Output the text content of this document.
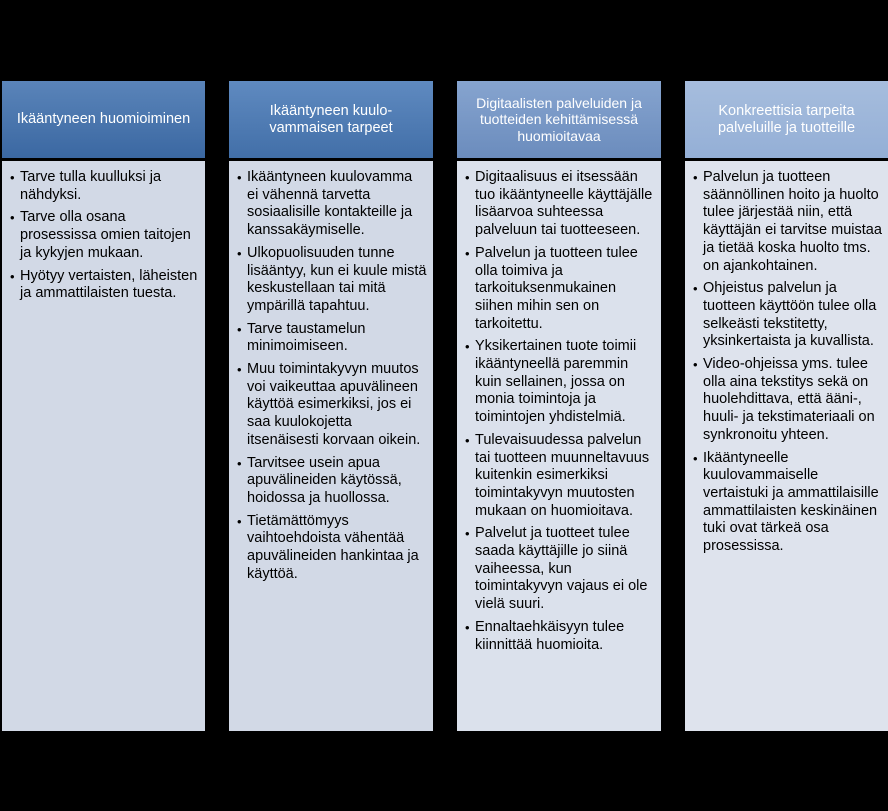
Ikääntyneen huomioiminen
• Tarve tulla kuulluksi ja nähdyksi.
• Tarve olla osana prosessissa omien taitojen ja kykyjen mukaan.
• Hyötyy vertaisten, läheisten ja ammattilaisten tuesta.
Ikääntyneen kuulo-vammaisen tarpeet
• Ikääntyneen kuulovamma ei vähennä tarvetta sosiaalisille kontakteille ja kanssakäymiselle.
• Ulkopuolisuuden tunne lisääntyy, kun ei kuule mistä keskustellaan tai mitä ympärillä tapahtuu.
• Tarve taustamelun minimoimiseen.
• Muu toimintakyvyn muutos voi vaikeuttaa apuvälineen käyttöä esimerkiksi, jos ei saa kuulokojetta itsenäisesti korvaan oikein.
• Tarvitsee usein apua apuvälineiden käytössä, hoidossa ja huollossa.
• Tietämättömyys vaihtoehdoista vähentää apuvälineiden hankintaa ja käyttöä.
Digitaalisten palveluiden ja tuotteiden kehittämisessä huomioitavaa
• Digitaalisuus ei itsessään tuo ikääntyneelle käyttäjälle lisäarvoa suhteessa palveluun tai tuotteeseen.
• Palvelun ja tuotteen tulee olla toimiva ja tarkoituksenmukainen siihen mihin sen on tarkoitettu.
• Yksikertainen tuote toimii ikääntyneellä paremmin kuin sellainen, jossa on monia toimintoja ja toimintojen yhdistelmiä.
• Tulevaisuudessa palvelun tai tuotteen muunneltavuus kuitenkin esimerkiksi toimintakyvyn muutosten mukaan on huomioitava.
• Palvelut ja tuotteet tulee saada käyttäjille jo siinä vaiheessa, kun toimintakyvyn vajaus ei ole vielä suuri.
• Ennaltaehkäisyyn tulee kiinnittää huomioita.
Konkreettisia tarpeita palveluille ja tuotteille
• Palvelun ja tuotteen säännöllinen hoito ja huolto tulee järjestää niin, että käyttäjän ei tarvitse muistaa ja tietää koska huolto tms. on ajankohtainen.
• Ohjeistus palvelun ja tuotteen käyttöön tulee olla selkeästi tekstitetty, yksinkertaista ja kuvallista.
• Video-ohjeissa yms. tulee olla aina tekstitys sekä on huolehdittava, että ääni-, huuli- ja tekstimateriaali on synkronoitu yhteen.
• Ikääntyneelle kuulovammaiselle vertaistuki ja ammattilaisille ammattilaisten keskinäinen tuki ovat tärkeä osa prosessissa.
